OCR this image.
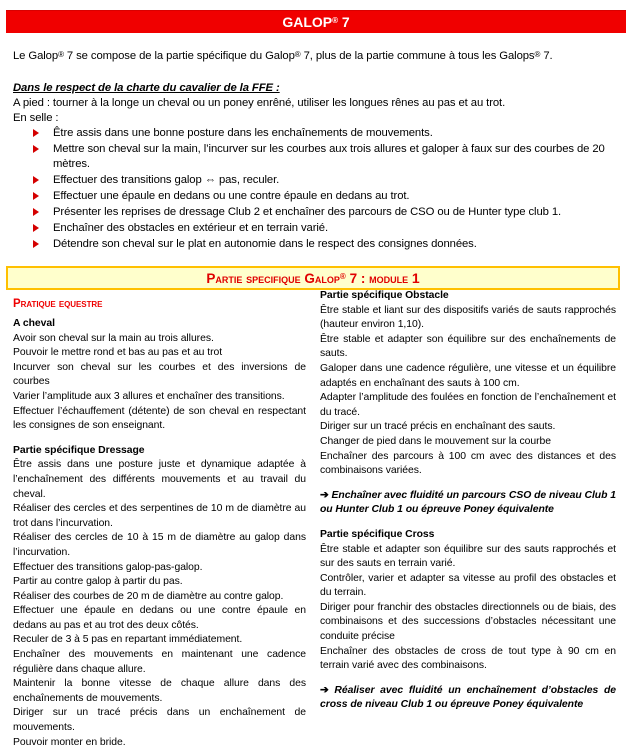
GALOP® 7
Le Galop® 7 se compose de la partie spécifique du Galop® 7, plus de la partie commune à tous les Galops® 7.
Dans le respect de la charte du cavalier de la FFE :
A pied : tourner à la longe un cheval ou un poney enrêné, utiliser les longues rênes au pas et au trot.
En selle :
Être assis dans une bonne posture dans les enchaînements de mouvements.
Mettre son cheval sur la main, l’incurver sur les courbes aux trois allures et galoper à faux sur des courbes de 20 mètres.
Effectuer des transitions galop ⇔ pas, reculer.
Effectuer une épaule en dedans ou une contre épaule en dedans au trot.
Présenter les reprises de dressage Club 2 et enchaîner des parcours de CSO ou de Hunter type club 1.
Enchaîner des obstacles en extérieur et en terrain varié.
Détendre son cheval sur le plat en autonomie dans le respect des consignes données.
Partie specifique Galop® 7 : module 1

Pratique equestre

A cheval

Avoir son cheval sur la main au trois allures.

Pouvoir le mettre rond et bas au pas et au trot

Incurver son cheval sur les courbes et des inversions de courbes

Varier l’amplitude aux 3 allures et enchaîner des transitions.

Effectuer l’échauffement (détente) de son cheval en respectant les consignes de son enseignant.

Partie spécifique Dressage

Être assis dans une posture juste et dynamique adaptée à l’enchaînement des différents mouvements et au travail du cheval.

Réaliser des cercles et des serpentines de 10 m de diamètre au trot dans l’incurvation.

Réaliser des cercles de 10 à 15 m de diamètre au galop dans l’incurvation.

Effectuer des transitions galop-pas-galop.

Partir au contre galop à partir du pas.

Réaliser des courbes de 20 m de diamètre au contre galop.

Effectuer une épaule en dedans ou une contre épaule en dedans au pas et au trot des deux côtés.

Reculer de 3 à 5 pas en repartant immédiatement.

Enchaîner des mouvements en maintenant une cadence régulière dans chaque allure.

Maintenir la bonne vitesse de chaque allure dans des enchaînements de mouvements.

Diriger sur un tracé précis dans un enchaînement de mouvements.

Pouvoir monter en bride.

Partie spécifique Obstacle

Être stable et liant sur des dispositifs variés de sauts rapprochés (hauteur environ 1,10).

Être stable et adapter son équilibre sur des enchaînements de sauts.

Galoper dans une cadence régulière, une vitesse et un équilibre adaptés en enchaînant des sauts à 100 cm.

Adapter l’amplitude des foulées en fonction de l’enchaînement et du tracé.

Diriger sur un tracé précis en enchaînant des sauts.

Changer de pied dans le mouvement sur la courbe

Enchaîner des parcours à 100 cm avec des distances et des combinaisons variées.

➔ Enchaîner avec fluidité un parcours CSO de niveau Club 1 ou Hunter Club 1 ou épreuve Poney équivalente

Partie spécifique Cross

Être stable et adapter son équilibre sur des sauts rapprochés et sur des sauts en terrain varié.

Contrôler, varier et adapter sa vitesse au profil des obstacles et du terrain.

Diriger pour franchir des obstacles directionnels ou de biais, des combinaisons et des successions d’obstacles nécessitant une conduite précise

Enchaîner des obstacles de cross de tout type à 90 cm en terrain varié avec des combinaisons.

➔ Réaliser avec fluidité un enchaînement d’obstacles de cross de niveau Club 1 ou épreuve Poney équivalente
